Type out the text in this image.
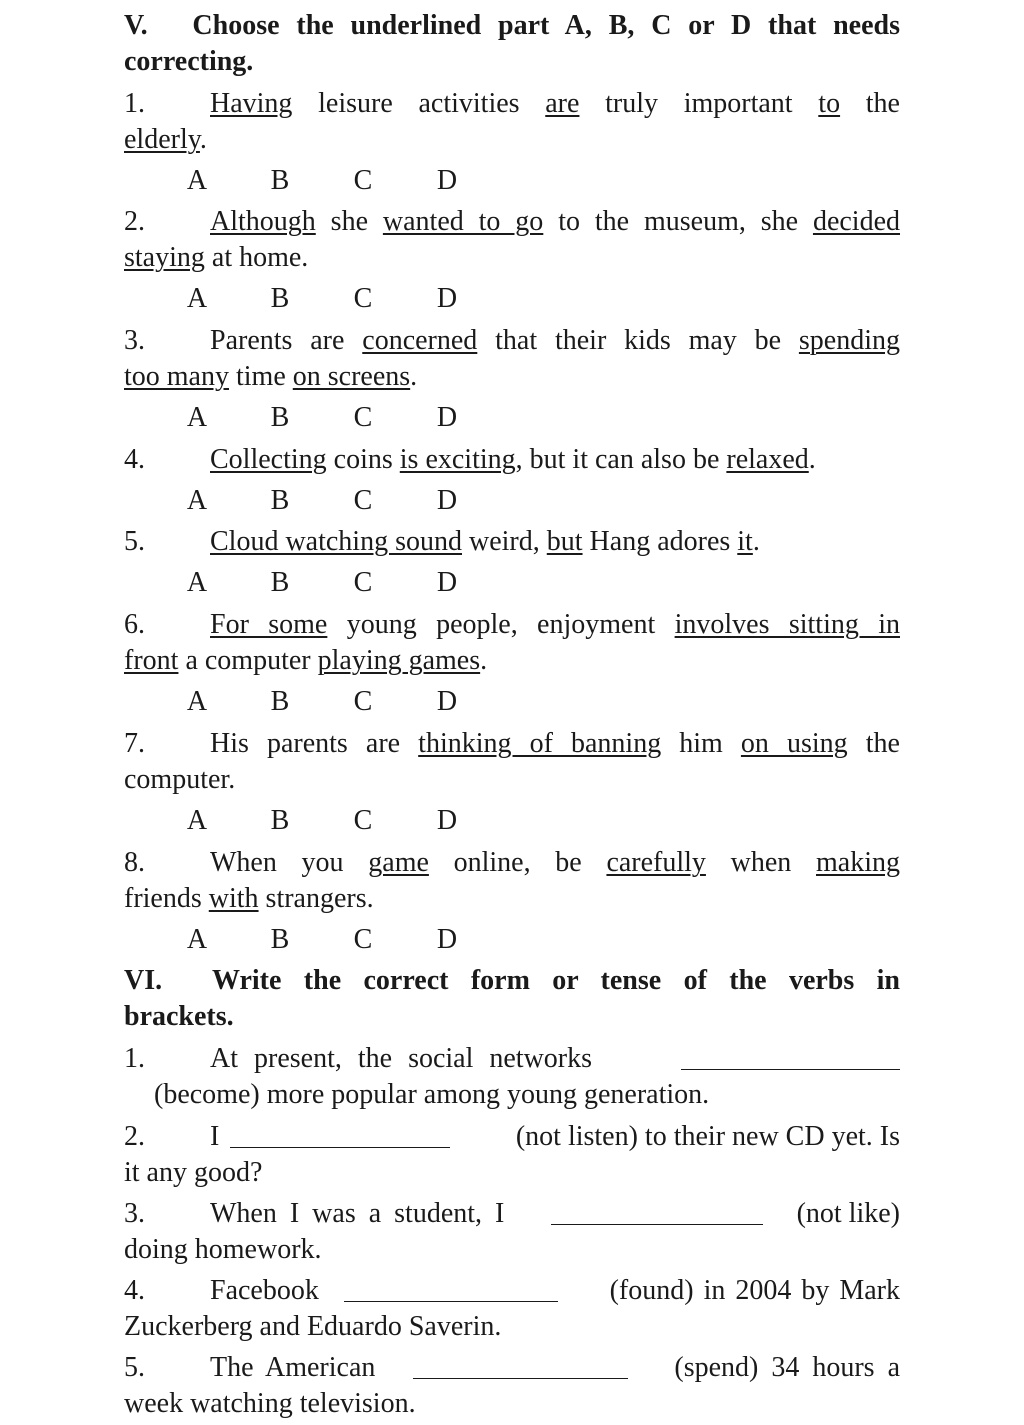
V.  Choose the underlined part A, B, C or D that needs
correcting.
1. Having leisure activities are truly important to the
elderly.
A B C D
2. Although she wanted to go to the museum, she decided
staying at home.
A B C D
3. Parents are concerned that their kids may be spending
too many time on screens.
A B C D
4. Collecting coins is exciting, but it can also be relaxed.
A B C D
5. Cloud watching sound weird, but Hang adores it.
A B C D
6. For some young people, enjoyment involves sitting in
front a computer playing games.
A B C D
7. His parents are thinking of banning him on using the
computer.
A B C D
8. When you game online, be carefully when making
friends with strangers.
A B C D
VI.  Write the correct form or tense of the verbs in
brackets.
1. At present, the social networks
(become) more popular among young generation.
2. I	(not listen) to their new CD yet. Is
it any good?
3. When I was a student, I	(not like)
doing homework.
4. Facebook	(found) in 2004 by Mark
Zuckerberg and Eduardo Saverin.
5. The American	(spend) 34 hours a
week watching television.
